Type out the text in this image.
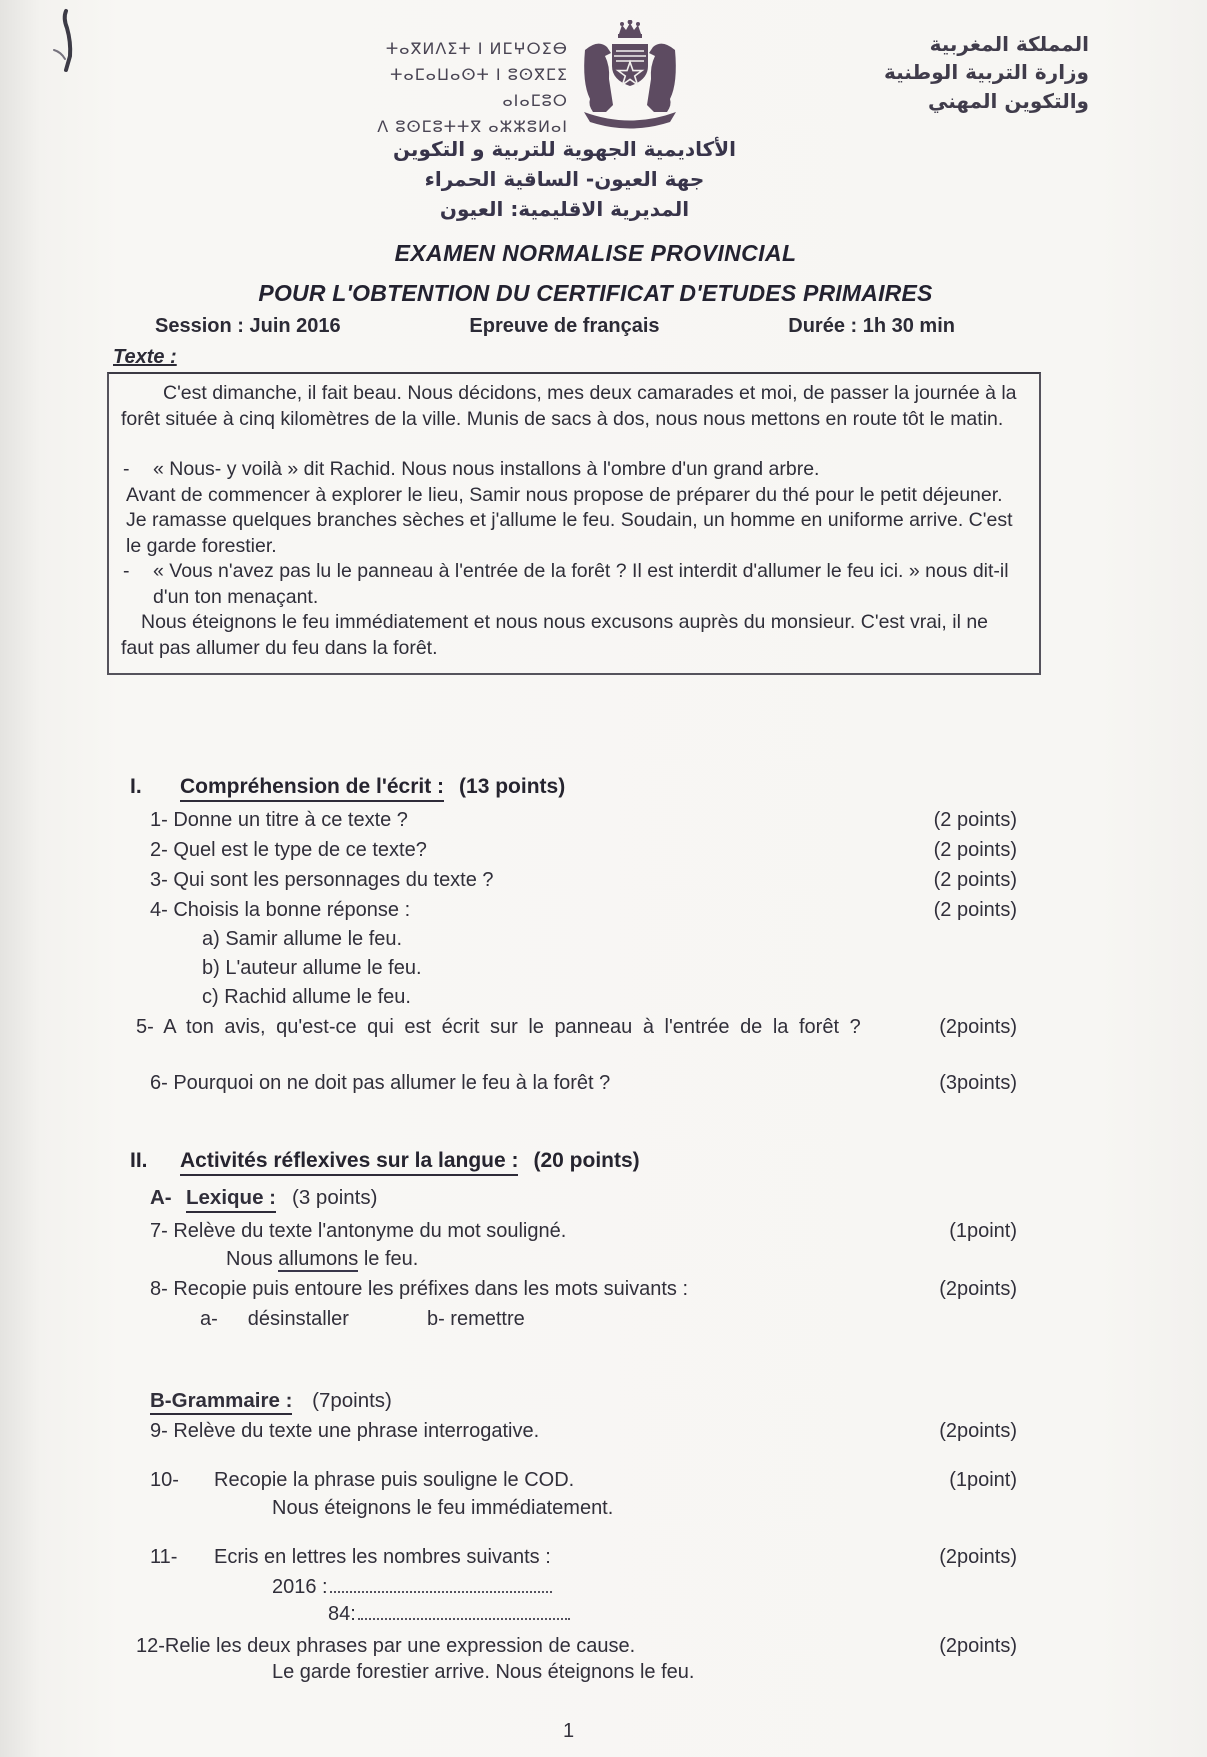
ⵜⴰⴳⵍⴷⵉⵜ ⵏ ⵍⵎⵖⵔⵉⴱ
ⵜⴰⵎⴰⵡⴰⵙⵜ ⵏ ⵓⵙⴳⵎⵉ ⴰⵏⴰⵎⵓⵔ
ⴷ ⵓⵙⵎⵓⵜⵜⴳ ⴰⵣⵣⵓⵍⴰⵏ
المملكة المغربية
وزارة التربية الوطنية
والتكوين المهني
الأكاديمية الجهوية للتربية و التكوين
جهة العيون- الساقية الحمراء
المديرية الاقليمية: العيون
EXAMEN NORMALISE PROVINCIAL
POUR L'OBTENTION DU CERTIFICAT D'ETUDES PRIMAIRES
Session : Juin 2016	Epreuve de français	Durée : 1h 30 min
Texte :

C'est dimanche, il fait beau. Nous décidons, mes deux camarades et moi, de passer la journée à la forêt située à cinq kilomètres de la ville. Munis de sacs à dos, nous nous mettons en route tôt le matin.

-	« Nous- y voilà » dit Rachid. Nous nous installons à l'ombre d'un grand arbre.

Avant de commencer à explorer le lieu, Samir nous propose de préparer du thé pour le petit déjeuner. Je ramasse quelques branches sèches et j'allume le feu. Soudain, un homme en uniforme arrive. C'est le garde forestier.

-	« Vous n'avez pas lu le panneau à l'entrée de la forêt ? Il est interdit d'allumer le feu ici. » nous dit-il d'un ton menaçant.

Nous éteignons le feu immédiatement et nous nous excusons auprès du monsieur. C'est vrai, il ne faut pas allumer du feu dans la forêt.

I.	Compréhension de l'écrit : (13 points)
1- Donne un titre à ce texte ?	(2 points)
2- Quel est le type de ce texte?	(2 points)
3- Qui sont les personnages du texte ?	(2 points)
4- Choisis la bonne réponse :	(2 points)
a) Samir allume le feu.
b) L'auteur allume le feu.
c) Rachid allume le feu.
5- A ton avis, qu'est-ce qui est écrit sur le panneau à l'entrée de la forêt ?	(2points)
6- Pourquoi on ne doit pas allumer le feu à la forêt ?	(3points)
II.	Activités réflexives sur la langue : (20 points)
A- Lexique : (3 points)
7- Relève du texte l'antonyme du mot souligné.	(1point)
Nous allumons le feu.
8- Recopie puis entoure les préfixes dans les mots suivants :	(2points)
a- désinstaller	b- remettre
B-Grammaire : (7points)
9- Relève du texte une phrase interrogative.	(2points)
10-	Recopie la phrase puis souligne le COD.	(1point)
Nous éteignons le feu immédiatement.
11-	Ecris en lettres les nombres suivants :	(2points)
2016 :
84:
12-Relie les deux phrases par une expression de cause.	(2points)
Le garde forestier arrive. Nous éteignons le feu.
1
